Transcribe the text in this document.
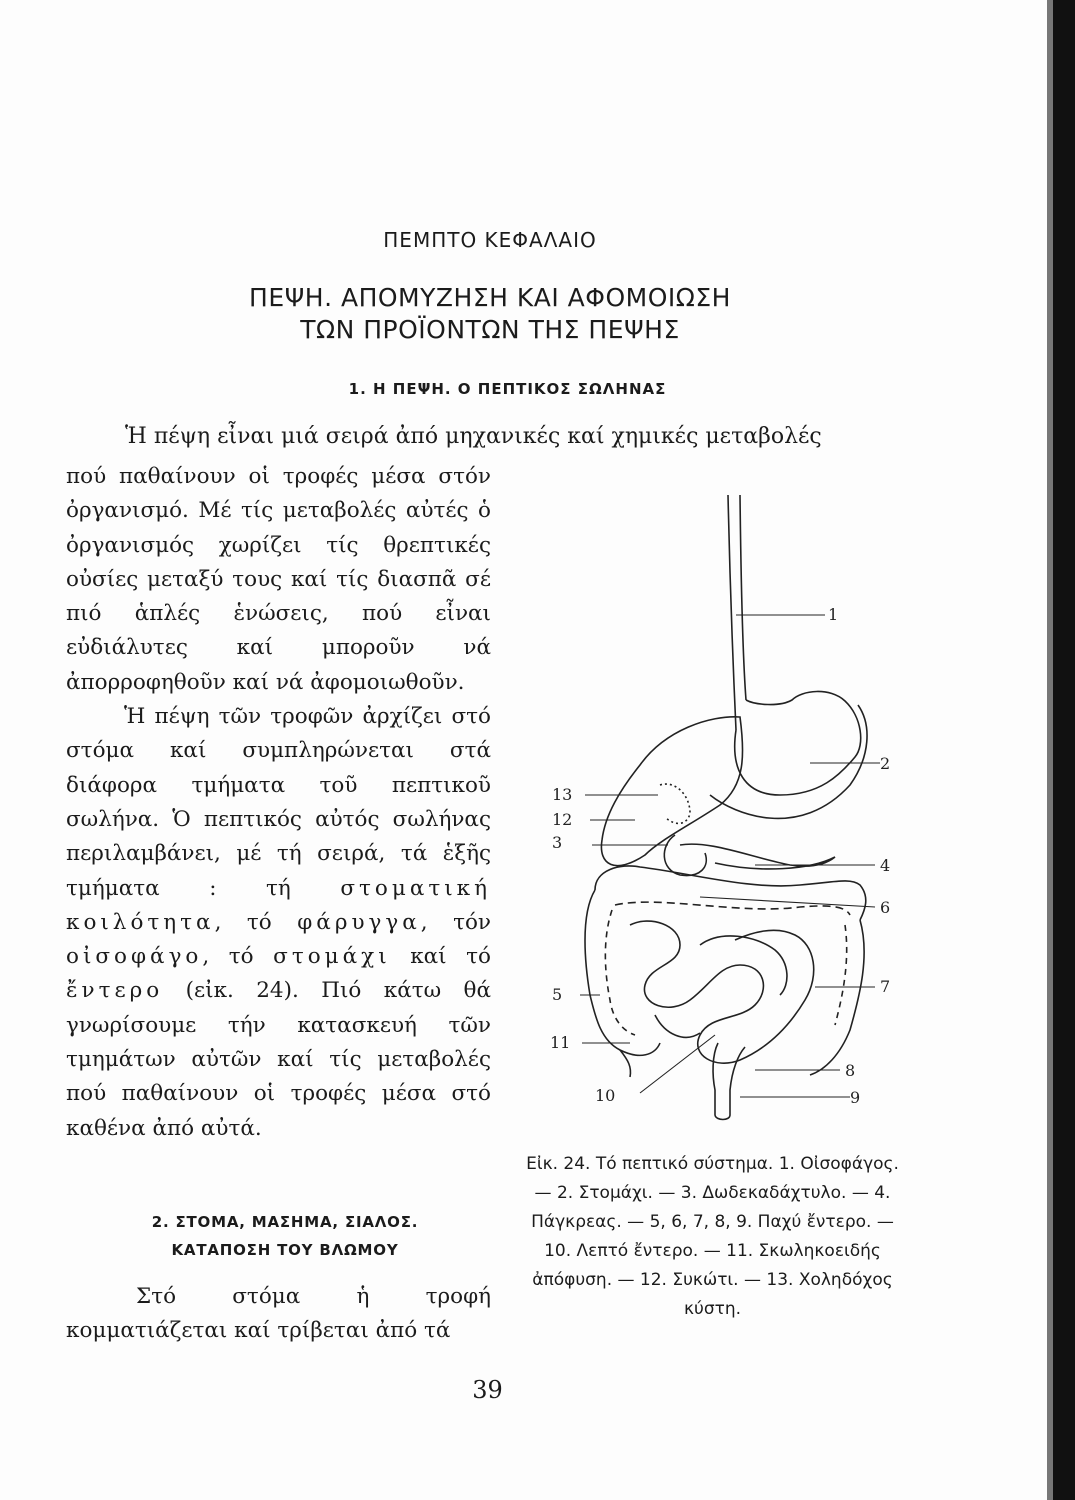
ΠΕΜΠΤΟ ΚΕΦΑΛΑΙΟ
ΠΕΨΗ. ΑΠΟΜΥΖΗΣΗ ΚΑΙ ΑΦΟΜΟΙΩΣΗ
ΤΩΝ ΠΡΟΪΟΝΤΩΝ ΤΗΣ ΠΕΨΗΣ
1. Η ΠΕΨΗ. Ο ΠΕΠΤΙΚΟΣ ΣΩΛΗΝΑΣ
Ἡ πέψη εἶναι μιά σειρά ἀπό μηχανικές καί χημικές μεταβολές

πού παθαίνουν οἱ τροφές μέσα στόν ὀργανισμό. Μέ τίς μεταβολές αὐτές ὁ ὀργανισμός χωρίζει τίς θρεπτικές οὐσίες μεταξύ τους καί τίς διασπᾶ σέ πιό ἁπλές ἑνώσεις, πού εἶναι εὐδιάλυτες καί μποροῦν νά ἀπορροφηθοῦν καί νά ἀφομοιωθοῦν.

Ἡ πέψη τῶν τροφῶν ἀρχίζει στό στόμα καί συμπληρώνεται στά διάφορα τμήματα τοῦ πεπτικοῦ σωλήνα. Ὁ πεπτικός αὐτός σωλήνας περιλαμβάνει, μέ τή σειρά, τά ἑξῆς τμήματα : τή στοματική κοιλότητα, τό φάρυγγα, τόν οἰσοφάγο, τό στομάχι καί τό ἔντερο (εἰκ. 24). Πιό κάτω θά γνωρίσουμε τήν κατασκευή τῶν τμημάτων αὐτῶν καί τίς μεταβολές πού παθαίνουν οἱ τροφές μέσα στό καθένα ἀπό αὐτά.

2. ΣΤΟΜΑ, ΜΑΣΗΜΑ, ΣΙΑΛΟΣ.
ΚΑΤΑΠΟΣΗ ΤΟΥ ΒΛΩΜΟΥ

Στό στόμα ἡ τροφή κομματιάζεται καί τρίβεται ἀπό τά

1
2
13
12
3
4
6
5	7
11
8
10	9
Εἰκ. 24. Τό πεπτικό σύστημα. 1. Οἰσοφάγος. — 2. Στομάχι. — 3. Δωδεκαδάχτυλο. — 4. Πάγκρεας. — 5, 6, 7, 8, 9. Παχύ ἔντερο. — 10. Λεπτό ἔντερο. — 11. Σκωληκοειδής ἀπόφυση. — 12. Συκώτι. — 13. Χοληδόχος κύστη.
39
